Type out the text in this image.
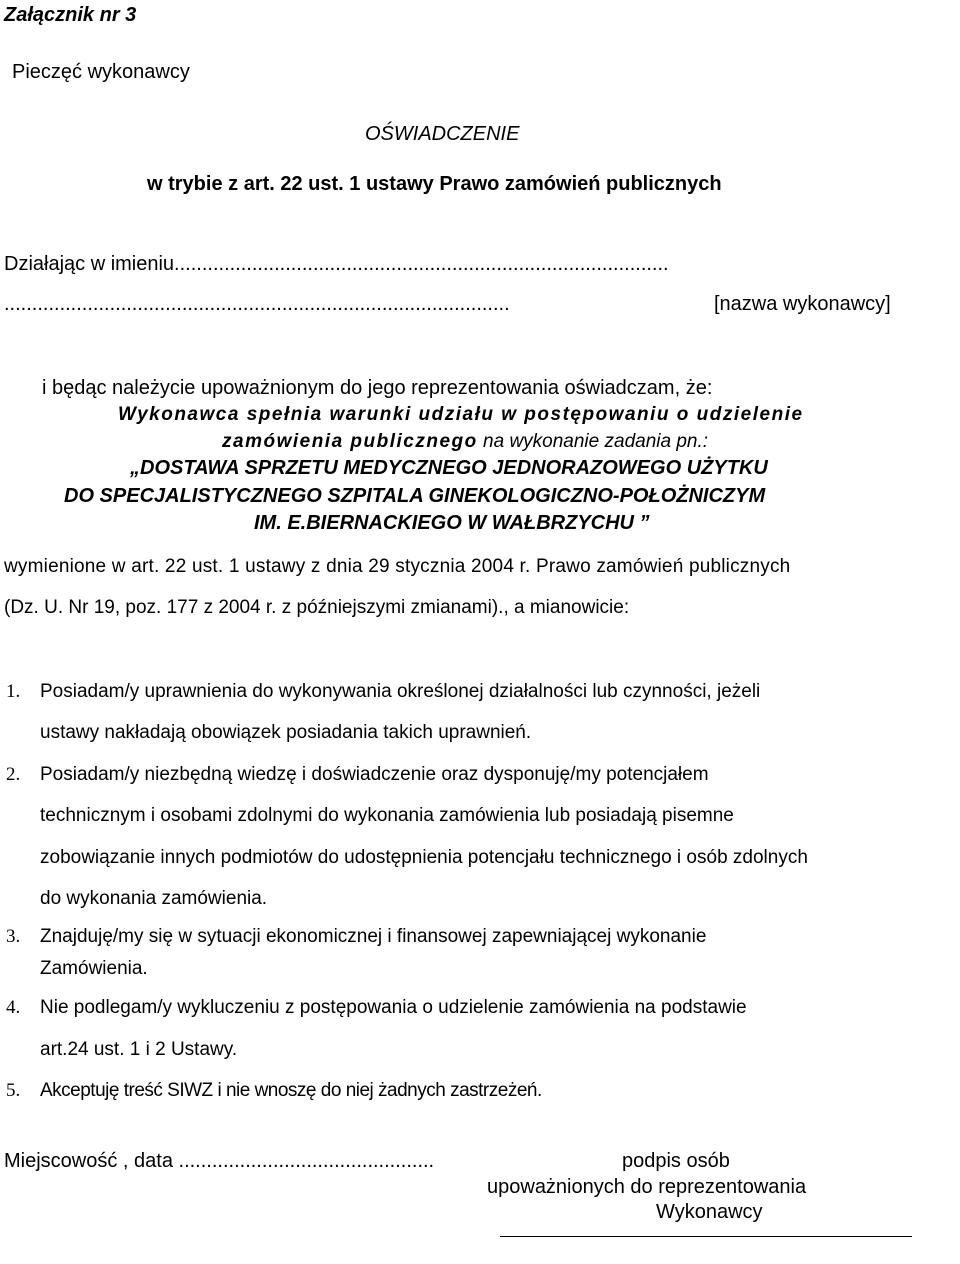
Załącznik nr 3
Pieczęć wykonawcy
OŚWIADCZENIE
w trybie z art. 22 ust. 1 ustawy Prawo zamówień publicznych
Działając w imieniu.........................................................................................
...........................................................................................	[nazwa wykonawcy]
i będąc należycie upoważnionym do jego reprezentowania oświadczam, że:
Wykonawca spełnia warunki udziału w postępowaniu o udzielenie
zamówienia publicznego na wykonanie zadania pn.:
„DOSTAWA SPRZETU MEDYCZNEGO JEDNORAZOWEGO UŻYTKU
DO SPECJALISTYCZNEGO SZPITALA GINEKOLOGICZNO-POŁOŻNICZYM
IM. E.BIERNACKIEGO W WAŁBRZYCHU ”
wymienione w art. 22 ust. 1 ustawy z dnia 29 stycznia 2004 r. Prawo zamówień publicznych
(Dz. U. Nr 19, poz. 177 z 2004 r. z późniejszymi zmianami)., a mianowicie:
1. Posiadam/y uprawnienia do wykonywania określonej działalności lub czynności, jeżeli
ustawy nakładają obowiązek posiadania takich uprawnień.
2. Posiadam/y niezbędną wiedzę i doświadczenie oraz dysponuję/my potencjałem
technicznym i osobami zdolnymi do wykonania zamówienia lub posiadają pisemne
zobowiązanie innych podmiotów do udostępnienia potencjału technicznego i osób zdolnych
do wykonania zamówienia.
3. Znajduję/my się w sytuacji ekonomicznej i finansowej zapewniającej wykonanie
Zamówienia.
4. Nie podlegam/y wykluczeniu z postępowania o udzielenie zamówienia na podstawie
art.24 ust. 1 i 2 Ustawy.
5. Akceptuję treść SIWZ i nie wnoszę do niej żadnych zastrzeżeń.
Miejscowość , data ..............................................	podpis osób
upoważnionych do reprezentowania
Wykonawcy
